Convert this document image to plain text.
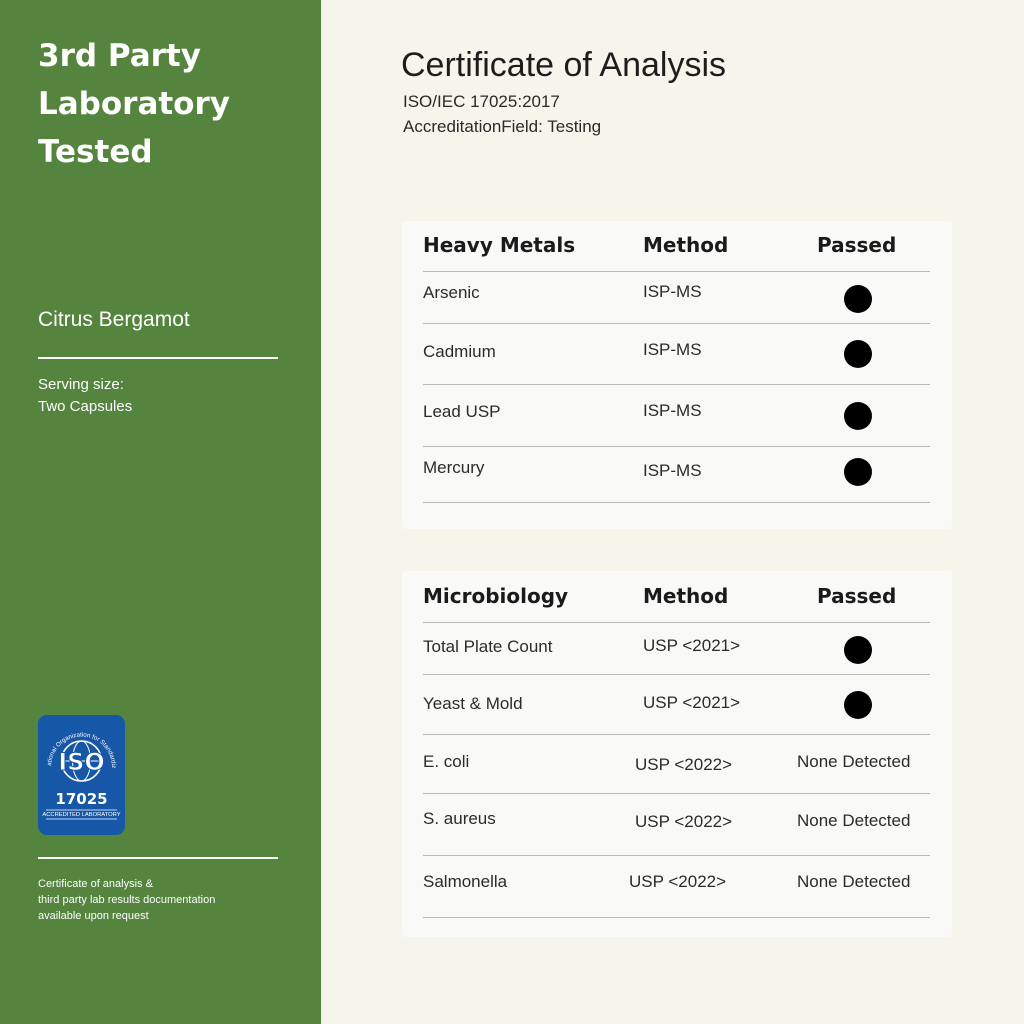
3rd Party
Laboratory
Tested
Citrus Bergamot
Serving size:
Two Capsules
ational Organization for Standardiz
ISO
17025
ACCREDITED LABORATORY
Certificate of analysis &
third party lab results documentation
available upon request
Certificate of Analysis
ISO/IEC 17025:2017
AccreditationField: Testing
Heavy Metals	Method	Passed
Arsenic	ISP-MS
Cadmium	ISP-MS
Lead USP	ISP-MS
Mercury	ISP-MS
Microbiology	Method	Passed
Total Plate Count	USP <2021>
Yeast & Mold	USP <2021>
E. coli	USP <2022>	None Detected
S. aureus	USP <2022>	None Detected
Salmonella	USP <2022>	None Detected
